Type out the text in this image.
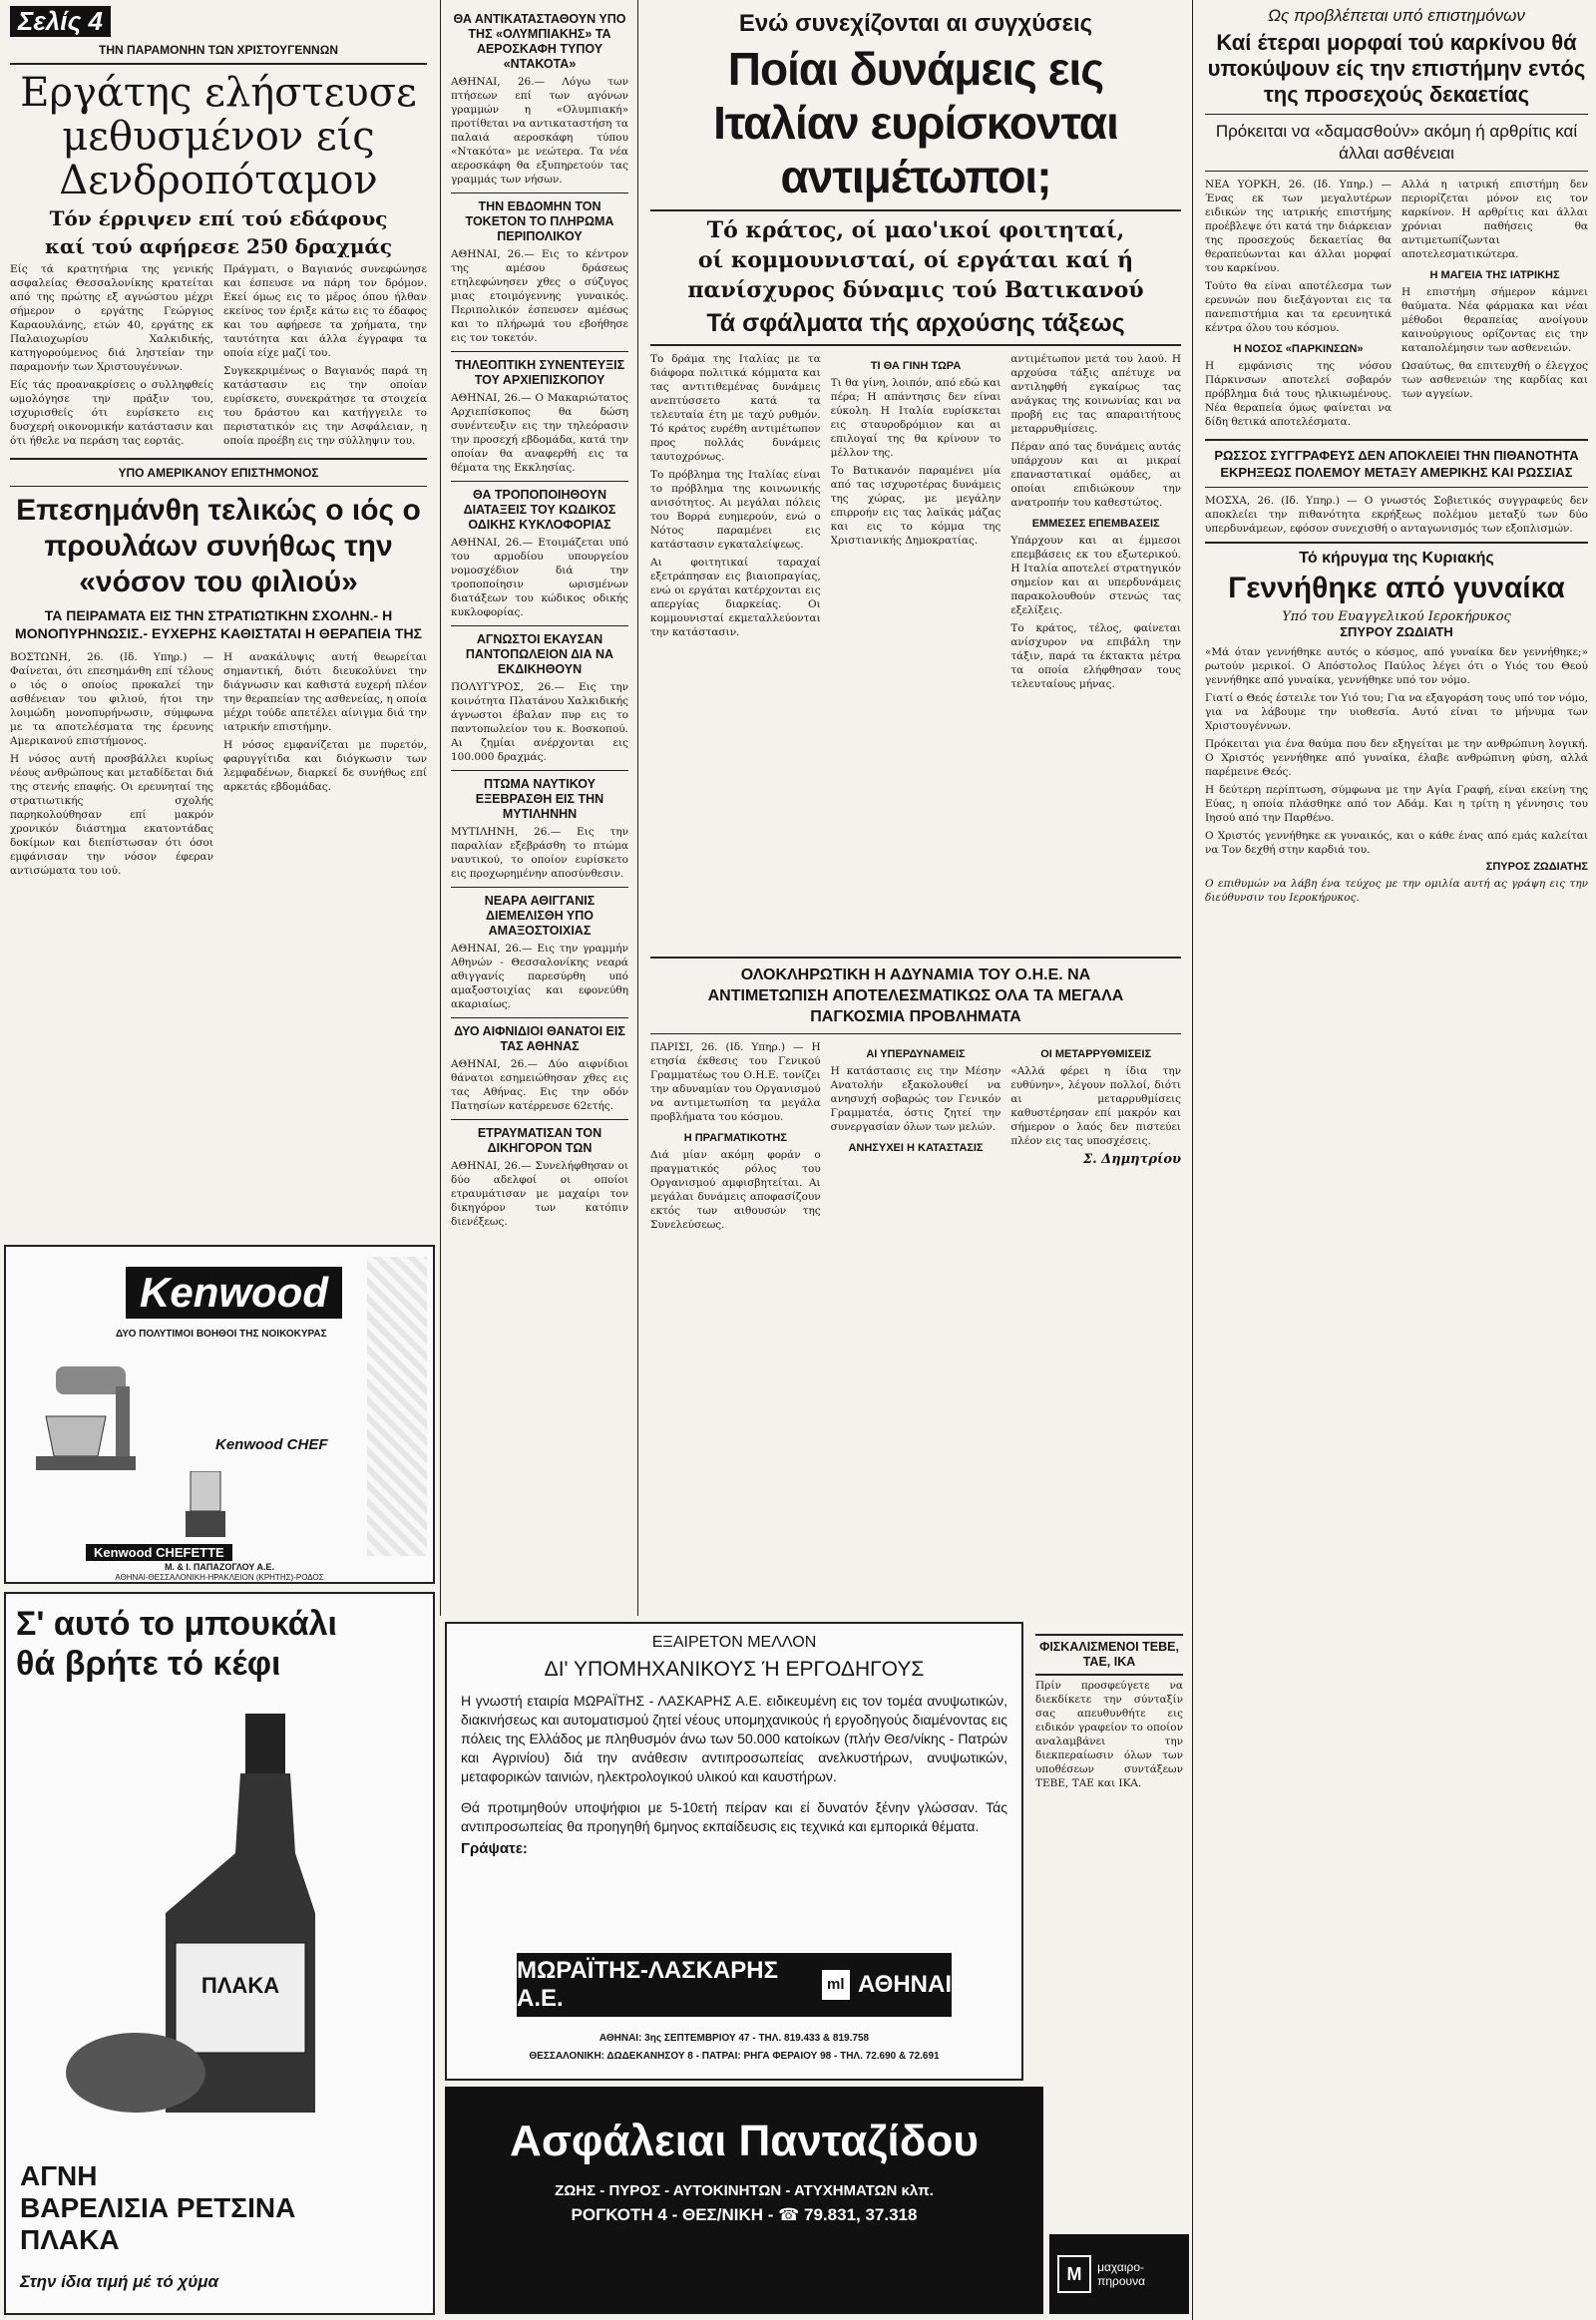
Σελίς 4
ΤΗΝ ΠΑΡΑΜΟΝΗΝ ΤΩΝ ΧΡΙΣΤΟΥΓΕΝΝΩΝ
Εργάτης ελήστευσε μεθυσμένον είς Δενδροπόταμον
Τόν έρριψεν επί τού εδάφους
καί τού αφήρεσε 250 δραχμάς

Είς τά κρατητήρια της γενικής ασφαλείας Θεσσαλονίκης κρατείται από της πρώτης εξ αγνώστου μέχρι σήμερον ο εργάτης Γεώργιος Καραουλάνης, ετών 40, εργάτης εκ Παλαιοχωρίου Χαλκιδικής, κατηγορούμενος διά ληστείαν την παραμονήν των Χριστουγέννων.

Είς τάς προανακρίσεις ο συλληφθείς ωμολόγησε την πράξιν του, ισχυρισθείς ότι ευρίσκετο εις δυσχερή οικονομικήν κατάστασιν και ότι ήθελε να περάση τας εορτάς.

Πράγματι, ο Βαγιανός συνεφώνησε και έσπευσε να πάρη τον δρόμον. Εκεί όμως εις το μέρος όπου ήλθαν εκείνος τον έριξε κάτω εις το έδαφος και του αφήρεσε τα χρήματα, την ταυτότητα και άλλα έγγραφα τα οποία είχε μαζί του.

Συγκεκριμένως ο Βαγιανός παρά τη κατάστασιν εις την οποίαν ευρίσκετο, συνεκράτησε τα στοιχεία του δράστου και κατήγγειλε το περιστατικόν εις την Ασφάλειαν, η οποία προέβη εις την σύλληψιν του.

ΥΠΟ ΑΜΕΡΙΚΑΝΟΥ ΕΠΙΣΤΗΜΟΝΟΣ
Επεσημάνθη τελικώς ο ιός ο προυλάων συνήθως την «νόσον του φιλιού»
ΤΑ ΠΕΙΡΑΜΑΤΑ ΕΙΣ ΤΗΝ ΣΤΡΑΤΙΩΤΙΚΗΝ ΣΧΟΛΗΝ.- Η ΜΟΝΟΠΥΡΗΝΩΣΙΣ.- ΕΥΧΕΡΗΣ ΚΑΘΙΣΤΑΤΑΙ Η ΘΕΡΑΠΕΙΑ ΤΗΣ

ΒΟΣΤΩΝΗ, 26. (Ιδ. Υπηρ.) — Φαίνεται, ότι επεσημάνθη επί τέλους ο ιός ο οποίος προκαλεί την ασθένειαν του φιλιού, ήτοι την λοιμώδη μονοπυρήνωσιν, σύμφωνα με τα αποτελέσματα της έρευνης Αμερικανού επιστήμονος.

Η νόσος αυτή προσβάλλει κυρίως νέους ανθρώπους και μεταδίδεται διά της στενής επαφής. Οι ερευνηταί της στρατιωτικής σχολής παρηκολούθησαν επί μακρόν χρονικόν διάστημα εκατοντάδας δοκίμων και διεπίστωσαν ότι όσοι εμφάνισαν την νόσον έφεραν αντισώματα του ιού.

Η ανακάλυψις αυτή θεωρείται σημαντική, διότι διευκολύνει την διάγνωσιν και καθιστά ευχερή πλέον την θεραπείαν της ασθενείας, η οποία μέχρι τούδε απετέλει αίνιγμα διά την ιατρικήν επιστήμην.

Η νόσος εμφανίζεται με πυρετόν, φαρυγγίτιδα και διόγκωσιν των λεμφαδένων, διαρκεί δε συνήθως επί αρκετάς εβδομάδας.

Kenwood
ΔΥΟ ΠΟΛΥΤΙΜΟΙ ΒΟΗΘΟΙ ΤΗΣ ΝΟΙΚΟΚΥΡΑΣ
Kenwood CHEF
Kenwood CHEFETTE
Μ. & Ι. ΠΑΠΑΖΟΓΛΟΥ Α.Ε.
ΑΘΗΝΑΙ-ΘΕΣΣΑΛΟΝΙΚΗ-ΗΡΑΚΛΕΙΟΝ (ΚΡΗΤΗΣ)-ΡΟΔΟΣ
Σ' αυτό το μπουκάλι θά βρήτε τό κέφι
ΠΛΑΚΑ
ΑΓΝΗ
ΒΑΡΕΛΙΣΙΑ ΡΕΤΣΙΝΑ
ΠΛΑΚΑ
Στην ίδια τιμή μέ τό χύμα
ΘΑ ΑΝΤΙΚΑΤΑΣΤΑΘΟΥΝ ΥΠΟ ΤΗΣ «ΟΛΥΜΠΙΑΚΗΣ» ΤΑ ΑΕΡΟΣΚΑΦΗ ΤΥΠΟΥ «ΝΤΑΚΟΤΑ»

ΑΘΗΝΑΙ, 26.— Λόγω των πτήσεων επί των αγόνων γραμμών η «Ολυμπιακή» προτίθεται να αντικαταστήση τα παλαιά αεροσκάφη τύπου «Ντακότα» με νεώτερα. Τα νέα αεροσκάφη θα εξυπηρετούν τας γραμμάς των νήσων.

ΤΗΝ ΕΒΔΟΜΗΝ ΤΟΝ ΤΟΚΕΤΟΝ ΤΟ ΠΛΗΡΩΜΑ ΠΕΡΙΠΟΛΙΚΟΥ

ΑΘΗΝΑΙ, 26.— Εις το κέντρον της αμέσου δράσεως ετηλεφώνησεν χθες ο σύζυγος μιας ετοιμόγεννης γυναικός. Περιπολικόν έσπευσεν αμέσως και το πλήρωμά του εβοήθησε εις τον τοκετόν.

ΤΗΛΕΟΠΤΙΚΗ ΣΥΝΕΝΤΕΥΞΙΣ ΤΟΥ ΑΡΧΙΕΠΙΣΚΟΠΟΥ

ΑΘΗΝΑΙ, 26.— Ο Μακαριώτατος Αρχιεπίσκοπος θα δώση συνέντευξιν εις την τηλεόρασιν την προσεχή εβδομάδα, κατά την οποίαν θα αναφερθή εις τα θέματα της Εκκλησίας.

ΘΑ ΤΡΟΠΟΠΟΙΗΘΟΥΝ ΔΙΑΤΑΞΕΙΣ ΤΟΥ ΚΩΔΙΚΟΣ ΟΔΙΚΗΣ ΚΥΚΛΟΦΟΡΙΑΣ

ΑΘΗΝΑΙ, 26.— Ετοιμάζεται υπό του αρμοδίου υπουργείου νομοσχέδιον διά την τροποποίησιν ωρισμένων διατάξεων του κώδικος οδικής κυκλοφορίας.

ΑΓΝΩΣΤΟΙ ΕΚΑΥΣΑΝ ΠΑΝΤΟΠΩΛΕΙΟΝ ΔΙΑ ΝΑ ΕΚΔΙΚΗΘΟΥΝ

ΠΟΛΥΓΥΡΟΣ, 26.— Εις την κοινότητα Πλατάνου Χαλκιδικής άγνωστοι έβαλαν πυρ εις το παντοπωλείον του κ. Βοσκοπού. Αι ζημίαι ανέρχονται εις 100.000 δραχμάς.

ΠΤΩΜΑ ΝΑΥΤΙΚΟΥ ΕΞΕΒΡΑΣΘΗ ΕΙΣ ΤΗΝ ΜΥΤΙΛΗΝΗΝ

ΜΥΤΙΛΗΝΗ, 26.— Εις την παραλίαν εξεβράσθη το πτώμα ναυτικού, το οποίον ευρίσκετο εις προχωρημένην αποσύνθεσιν.

ΝΕΑΡΑ ΑΘΙΓΓΑΝΙΣ ΔΙΕΜΕΛΙΣΘΗ ΥΠΟ ΑΜΑΞΟΣΤΟΙΧΙΑΣ

ΑΘΗΝΑΙ, 26.— Εις την γραμμήν Αθηνών - Θεσσαλονίκης νεαρά αθιγγανίς παρεσύρθη υπό αμαξοστοιχίας και εφονεύθη ακαριαίως.

ΔΥΟ ΑΙΦΝΙΔΙΟΙ ΘΑΝΑΤΟΙ ΕΙΣ ΤΑΣ ΑΘΗΝΑΣ

ΑΘΗΝΑΙ, 26.— Δύο αιφνίδιοι θάνατοι εσημειώθησαν χθες εις τας Αθήνας. Εις την οδόν Πατησίων κατέρρευσε 62ετής.

ΕΤΡΑΥΜΑΤΙΣΑΝ ΤΟΝ ΔΙΚΗΓΟΡΟΝ ΤΩΝ

ΑΘΗΝΑΙ, 26.— Συνελήφθησαν οι δύο αδελφοί οι οποίοι ετραυμάτισαν με μαχαίρι τον δικηγόρον των κατόπιν διενέξεως.

Ενώ συνεχίζονται αι συγχύσεις
Ποίαι δυνάμεις εις Ιταλίαν ευρίσκονται αντιμέτωποι;
Τό κράτος, οί μαο'ικοί φοιτηταί,
οί κομμουνισταί, οί εργάται καί ή
πανίσχυρος δύναμις τού Βατικανού
Τά σφάλματα τής αρχούσης τάξεως

Το δράμα της Ιταλίας με τα διάφορα πολιτικά κόμματα και τας αντιτιθεμένας δυνάμεις ανεπτύσσετο κατά τα τελευταία έτη με ταχύ ρυθμόν. Τό κράτος ευρέθη αντιμέτωπον προς πολλάς δυνάμεις ταυτοχρόνως.

Το πρόβλημα της Ιταλίας είναι το πρόβλημα της κοινωνικής ανισότητος. Αι μεγάλαι πόλεις του Βορρά ευημερούν, ενώ ο Νότος παραμένει εις κατάστασιν εγκαταλείψεως.

Αι φοιτητικαί ταραχαί εξετράπησαν εις βιαιοπραγίας, ενώ οι εργάται κατέρχονται εις απεργίας διαρκείας. Οι κομμουνισταί εκμεταλλεύονται την κατάστασιν.

ΤΙ ΘΑ ΓΙΝΗ ΤΩΡΑ

Τι θα γίνη, λοιπόν, από εδώ και πέρα; Η απάντησις δεν είναι εύκολη. Η Ιταλία ευρίσκεται εις σταυροδρόμιον και αι επιλογαί της θα κρίνουν το μέλλον της.

Το Βατικανόν παραμένει μία από τας ισχυροτέρας δυνάμεις της χώρας, με μεγάλην επιρροήν εις τας λαϊκάς μάζας και εις το κόμμα της Χριστιανικής Δημοκρατίας.

αντιμέτωπον μετά του λαού. Η αρχούσα τάξις απέτυχε να αντιληφθή εγκαίρως τας ανάγκας της κοινωνίας και να προβή εις τας απαραιτήτους μεταρρυθμίσεις.

Πέραν από τας δυνάμεις αυτάς υπάρχουν και αι μικραί επαναστατικαί ομάδες, αι οποίαι επιδιώκουν την ανατροπήν του καθεστώτος.

ΕΜΜΕΣΕΣ ΕΠΕΜΒΑΣΕΙΣ

Υπάρχουν και αι έμμεσοι επεμβάσεις εκ του εξωτερικού. Η Ιταλία αποτελεί στρατηγικόν σημείον και αι υπερδυνάμεις παρακολουθούν στενώς τας εξελίξεις.

Το κράτος, τέλος, φαίνεται ανίσχυρον να επιβάλη την τάξιν, παρά τα έκτακτα μέτρα τα οποία ελήφθησαν τους τελευταίους μήνας.

ΟΛΟΚΛΗΡΩΤΙΚΗ Η ΑΔΥΝΑΜΙΑ ΤΟΥ Ο.Η.Ε. ΝΑ ΑΝΤΙΜΕΤΩΠΙΣΗ ΑΠΟΤΕΛΕΣΜΑΤΙΚΩΣ ΟΛΑ ΤΑ ΜΕΓΑΛΑ ΠΑΓΚΟΣΜΙΑ ΠΡΟΒΛΗΜΑΤΑ

ΠΑΡΙΣΙ, 26. (Ιδ. Υπηρ.) — Η ετησία έκθεσις του Γενικού Γραμματέως του Ο.Η.Ε. τονίζει την αδυναμίαν του Οργανισμού να αντιμετωπίση τα μεγάλα προβλήματα του κόσμου.

Η ΠΡΑΓΜΑΤΙΚΟΤΗΣ

Διά μίαν ακόμη φοράν ο πραγματικός ρόλος του Οργανισμού αμφισβητείται. Αι μεγάλαι δυνάμεις αποφασίζουν εκτός των αιθουσών της Συνελεύσεως.

ΑΙ ΥΠΕΡΔΥΝΑΜΕΙΣ

Η κατάστασις εις την Μέσην Ανατολήν εξακολουθεί να ανησυχή σοβαρώς τον Γενικόν Γραμματέα, όστις ζητεί την συνεργασίαν όλων των μελών.

ΑΝΗΣΥΧΕΙ Η ΚΑΤΑΣΤΑΣΙΣ
ΟΙ ΜΕΤΑΡΡΥΘΜΙΣΕΙΣ

«Αλλά φέρει η ίδια την ευθύνην», λέγουν πολλοί, διότι αι μεταρρυθμίσεις καθυστέρησαν επί μακρόν και σήμερον ο λαός δεν πιστεύει πλέον εις τας υποσχέσεις.

Σ. Δημητρίου
ΕΞΑΙΡΕΤΟΝ ΜΕΛΛΟΝ
ΔΙ' ΥΠΟΜΗΧΑΝΙΚΟΥΣ Ή ΕΡΓΟΔΗΓΟΥΣ

Η γνωστή εταιρία ΜΩΡΑΪΤΗΣ - ΛΑΣΚΑΡΗΣ Α.Ε. ειδικευμένη εις τον τομέα ανυψωτικών, διακινήσεως και αυτοματισμού ζητεί νέους υπομηχανικούς ή εργοδηγούς διαμένοντας εις πόλεις της Ελλάδος με πληθυσμόν άνω των 50.000 κατοίκων (πλήν Θεσ/νίκης - Πατρών και Αγρινίου) διά την ανάθεσιν αντιπροσωπείας ανελκυστήρων, ανυψωτικών, μεταφορικών ταινιών, ηλεκτρολογικού υλικού και καυστήρων.

Θά προτιμηθούν υποψήφιοι με 5-10ετή πείραν και εί δυνατόν ξένην γλώσσαν. Τάς αντιπροσωπείας θα προηγηθή 6μηνος εκπαίδευσις εις τεχνικά και εμπορικά θέματα.

Γράψατε:
ΜΩΡΑΪΤΗΣ-ΛΑΣΚΑΡΗΣ Α.Ε.
ml ΑΘΗΝΑΙ
ΑΘΗΝΑΙ: 3ης ΣΕΠΤΕΜΒΡΙΟΥ 47 - ΤΗΛ. 819.433 & 819.758
ΘΕΣΣΑΛΟΝΙΚΗ: ΔΩΔΕΚΑΝΗΣΟΥ 8 - ΠΑΤΡΑΙ: ΡΗΓΑ ΦΕΡΑΙΟΥ 98 - ΤΗΛ. 72.690 & 72.691
ΦΙΣΚΑΛΙΣΜΕΝΟΙ ΤΕΒΕ, ΤΑΕ, ΙΚΑ

Πρίν προσφεύγετε να διεκδίκετε την σύνταξίν σας απευθυνθήτε εις ειδικόν γραφείον το οποίον αναλαμβάνει την διεκπεραίωσιν όλων των υποθέσεων συντάξεων ΤΕΒΕ, ΤΑΕ και ΙΚΑ.

Ασφάλειαι Πανταζίδου
ΖΩΗΣ - ΠΥΡΟΣ - ΑΥΤΟΚΙΝΗΤΩΝ - ΑΤΥΧΗΜΑΤΩΝ κλπ.
ΡΟΓΚΟΤΗ 4 - ΘΕΣ/ΝΙΚΗ - ☎ 79.831, 37.318
M	μαχαιρο-πηρουνα
Ως προβλέπεται υπό επιστημόνων
Καί έτεραι μορφαί τού καρκίνου θά υποκύψουν είς την επιστήμην εντός της προσεχούς δεκαετίας
Πρόκειται να «δαμασθούν» ακόμη ή αρθρίτις καί άλλαι ασθένειαι

ΝΕΑ ΥΟΡΚΗ, 26. (Ιδ. Υπηρ.) — Ένας εκ των μεγαλυτέρων ειδικών της ιατρικής επιστήμης προέβλεψε ότι κατά την διάρκειαν της προσεχούς δεκαετίας θα θεραπεύωνται και άλλαι μορφαί του καρκίνου.

Τούτο θα είναι αποτέλεσμα των ερευνών που διεξάγονται εις τα πανεπιστήμια και τα ερευνητικά κέντρα όλου του κόσμου.

Η ΝΟΣΟΣ «ΠΑΡΚΙΝΣΩΝ»

Η εμφάνισις της νόσου Πάρκινσων αποτελεί σοβαρόν πρόβλημα διά τους ηλικιωμένους. Νέα θεραπεία όμως φαίνεται να δίδη θετικά αποτελέσματα.

Αλλά η ιατρική επιστήμη δεν περιορίζεται μόνον εις τον καρκίνον. Η αρθρίτις και άλλαι χρόνιαι παθήσεις θα αντιμετωπίζωνται αποτελεσματικώτερα.

Η ΜΑΓΕΙΑ ΤΗΣ ΙΑΤΡΙΚΗΣ

Η επιστήμη σήμερον κάμνει θαύματα. Νέα φάρμακα και νέαι μέθοδοι θεραπείας ανοίγουν καινούργιους ορίζοντας εις την καταπολέμησιν των ασθενειών.

Ωσαύτως, θα επιτευχθή ο έλεγχος των ασθενειών της καρδίας και των αγγείων.

ΡΩΣΣΟΣ ΣΥΓΓΡΑΦΕΥΣ ΔΕΝ ΑΠΟΚΛΕΙΕΙ ΤΗΝ ΠΙΘΑΝΟΤΗΤΑ ΕΚΡΗΞΕΩΣ ΠΟΛΕΜΟΥ ΜΕΤΑΞΥ ΑΜΕΡΙΚΗΣ ΚΑΙ ΡΩΣΣΙΑΣ

ΜΟΣΧΑ, 26. (Ιδ. Υπηρ.) — Ο γνωστός Σοβιετικός συγγραφεύς δεν αποκλείει την πιθανότητα εκρήξεως πολέμου μεταξύ των δύο υπερδυνάμεων, εφόσον συνεχισθή ο ανταγωνισμός των εξοπλισμών.

Τό κήρυγμα της Κυριακής
Γεννήθηκε από γυναίκα
Υπό του Ευαγγελικού Ιεροκήρυκος
ΣΠΥΡΟΥ ΖΩΔΙΑΤΗ

«Μά όταν γεννήθηκε αυτός ο κόσμος, από γυναίκα δεν γεννήθηκε;» ρωτούν μερικοί. Ο Απόστολος Παύλος λέγει ότι ο Υιός του Θεού γεννήθηκε από γυναίκα, γεννήθηκε υπό τον νόμο.

Γιατί ο Θεός έστειλε τον Υιό του; Για να εξαγοράση τους υπό τον νόμο, για να λάβουμε την υιοθεσία. Αυτό είναι το μήνυμα των Χριστουγέννων.

Πρόκειται για ένα θαύμα που δεν εξηγείται με την ανθρώπινη λογική. Ο Χριστός γεννήθηκε από γυναίκα, έλαβε ανθρώπινη φύση, αλλά παρέμεινε Θεός.

Η δεύτερη περίπτωση, σύμφωνα με την Αγία Γραφή, είναι εκείνη της Εύας, η οποία πλάσθηκε από τον Αδάμ. Και η τρίτη η γέννησις του Ιησού από την Παρθένο.

Ο Χριστός γεννήθηκε εκ γυναικός, και ο κάθε ένας από εμάς καλείται να Τον δεχθή στην καρδιά του.

ΣΠΥΡΟΣ ΖΩΔΙΑΤΗΣ

Ο επιθυμών να λάβη ένα τεύχος με την ομιλία αυτή ας γράψη εις την διεύθυνσιν του Ιεροκήρυκος.
